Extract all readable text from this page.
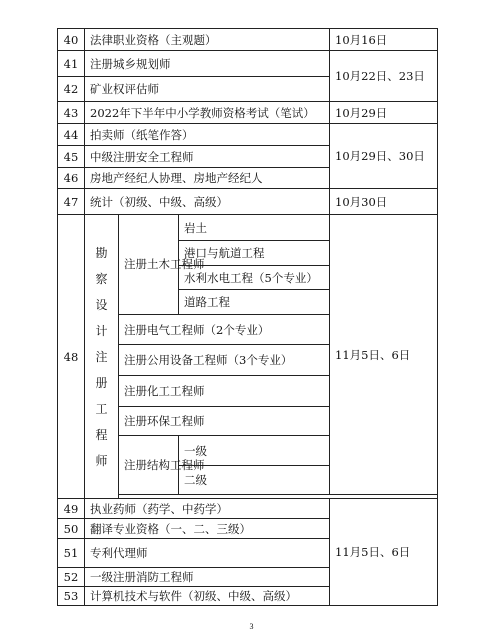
40	法律职业资格（主观题）			10月16日	
41	注册城乡规划师			10月22日、23日	
42	矿业权评估师				
43	2022年下半年中小学教师资格考试（笔试）			10月29日	
44	拍卖师（纸笔作答）			10月29日、30日	
45	中级注册安全工程师				
46	房地产经纪人协理、房地产经纪人				
47	统计（初级、中级、高级）			10月30日	
48	勘察设计注册工程师	注册土木工程师	岩土	11月5日、6日	
			港口与航道工程		
			水利水电工程（5个专业）		
			道路工程		
		注册电气工程师（2个专业）			
		注册公用设备工程师（3个专业）			
		注册化工工程师			
		注册环保工程师			
		注册结构工程师	一级		
			二级	

49	执业药师（药学、中药学）			11月5日、6日	
50	翻译专业资格（一、二、三级）				
51	专利代理师				
52	一级注册消防工程师				
53	计算机技术与软件（初级、中级、高级）				
3
